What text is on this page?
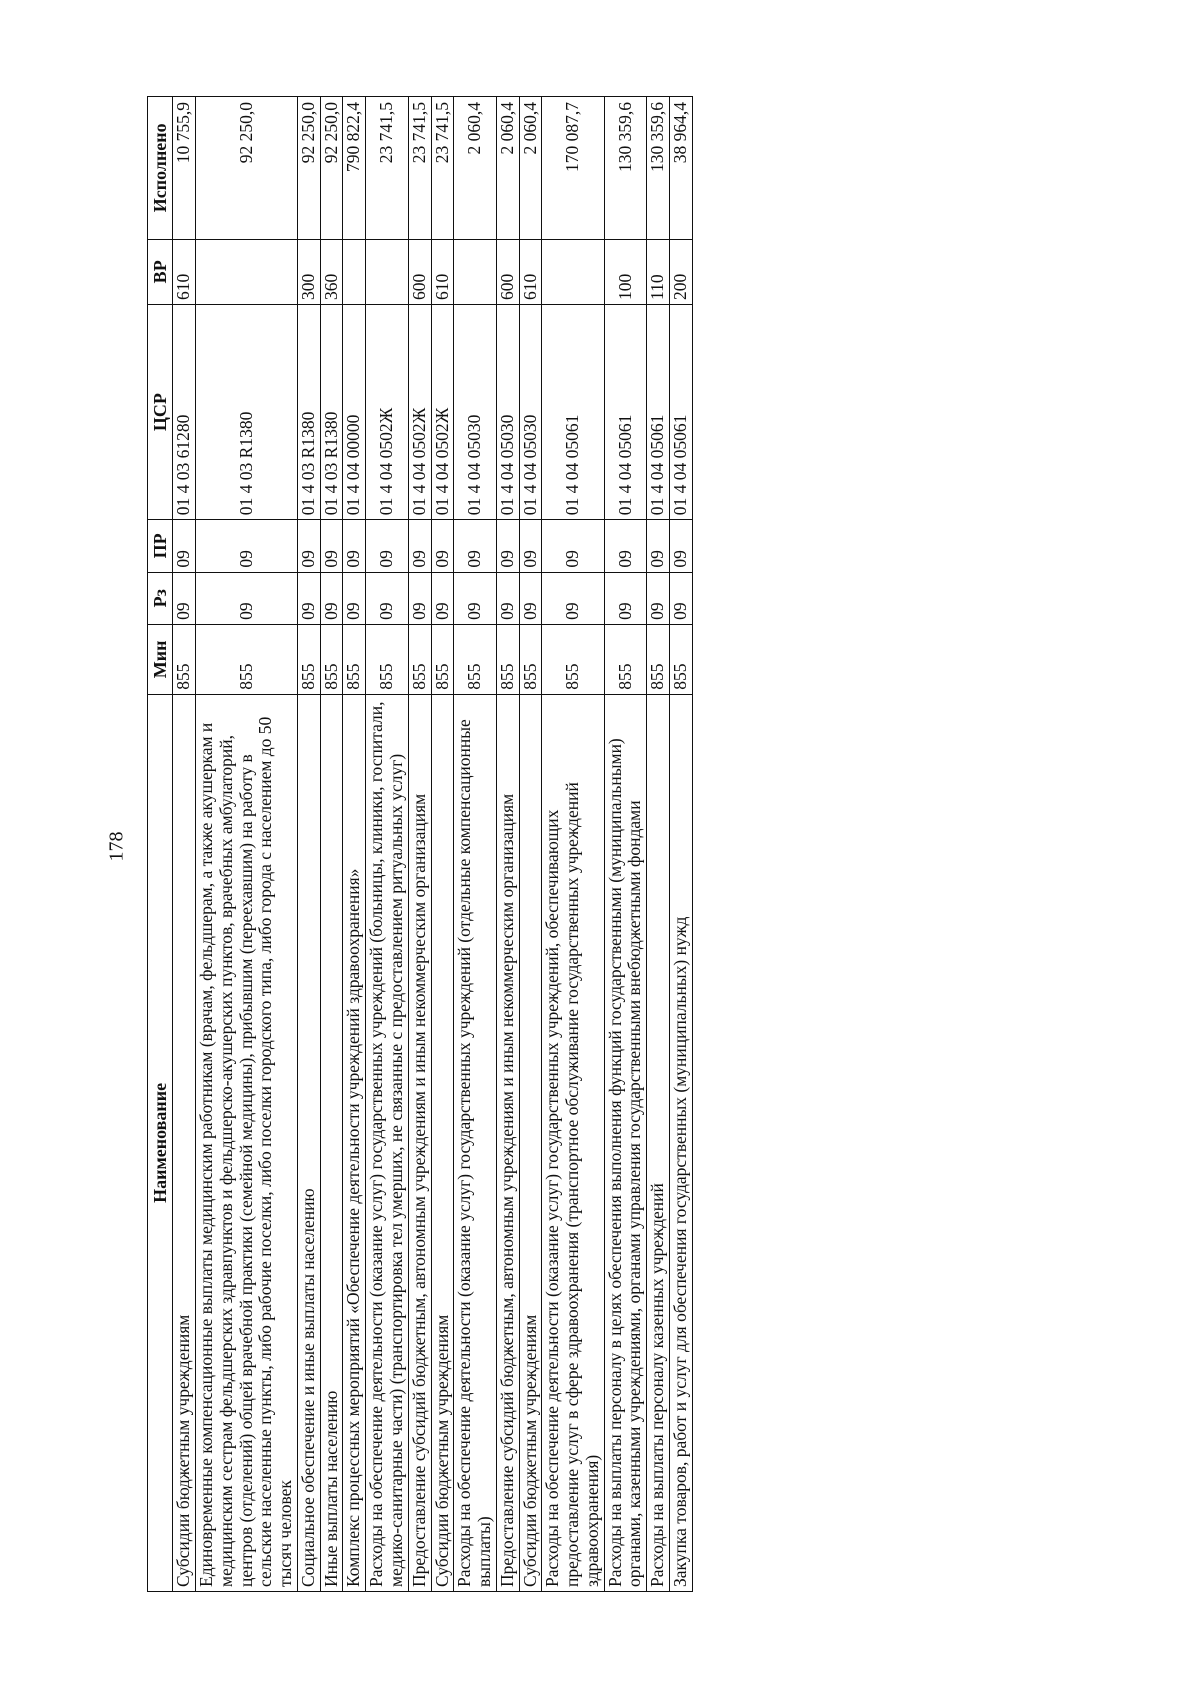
178
Наименование	Мин	Рз	ПР	ЦСР	ВР	Исполнено
Субсидии бюджетным учреждениям	855	09	09	01 4 03 61280	610	10 755,9
Единовременные компенсационные выплаты медицинским работникам (врачам, фельдшерам, а также акушеркам и медицинским сестрам фельдшерских здравпунктов и фельдшерско-акушерских пунктов, врачебных амбулаторий, центров (отделений) общей врачебной практики (семейной медицины), прибывшим (переехавшим) на работу в сельские населенные пункты, либо рабочие поселки, либо поселки городского типа, либо города с населением до 50 тысяч человек	855	09	09	01 4 03 R1380		92 250,0
Социальное обеспечение и иные выплаты населению	855	09	09	01 4 03 R1380	300	92 250,0
Иные выплаты населению	855	09	09	01 4 03 R1380	360	92 250,0
Комплекс процессных мероприятий «Обеспечение деятельности учреждений здравоохранения»	855	09	09	01 4 04 00000		790 822,4
Расходы на обеспечение деятельности (оказание услуг) государственных учреждений (больницы, клиники, госпитали, медико-санитарные части) (транспортировка тел умерших, не связанные с предоставлением ритуальных услуг)	855	09	09	01 4 04 0502Ж		23 741,5
Предоставление субсидий бюджетным, автономным учреждениям и иным некоммерческим организациям	855	09	09	01 4 04 0502Ж	600	23 741,5
Субсидии бюджетным учреждениям	855	09	09	01 4 04 0502Ж	610	23 741,5
Расходы на обеспечение деятельности (оказание услуг) государственных учреждений (отдельные компенсационные выплаты)	855	09	09	01 4 04 05030		2 060,4
Предоставление субсидий бюджетным, автономным учреждениям и иным некоммерческим организациям	855	09	09	01 4 04 05030	600	2 060,4
Субсидии бюджетным учреждениям	855	09	09	01 4 04 05030	610	2 060,4
Расходы на обеспечение деятельности (оказание услуг) государственных учреждений, обеспечивающих предоставление услуг в сфере здравоохранения (транспортное обслуживание государственных учреждений здравоохранения)	855	09	09	01 4 04 05061		170 087,7
Расходы на выплаты персоналу в целях обеспечения выполнения функций государственными (муниципальными) органами, казенными учреждениями, органами управления государственными внебюджетными фондами	855	09	09	01 4 04 05061	100	130 359,6
Расходы на выплаты персоналу казенных учреждений	855	09	09	01 4 04 05061	110	130 359,6
Закупка товаров, работ и услуг для обеспечения государственных (муниципальных) нужд	855	09	09	01 4 04 05061	200	38 964,4
